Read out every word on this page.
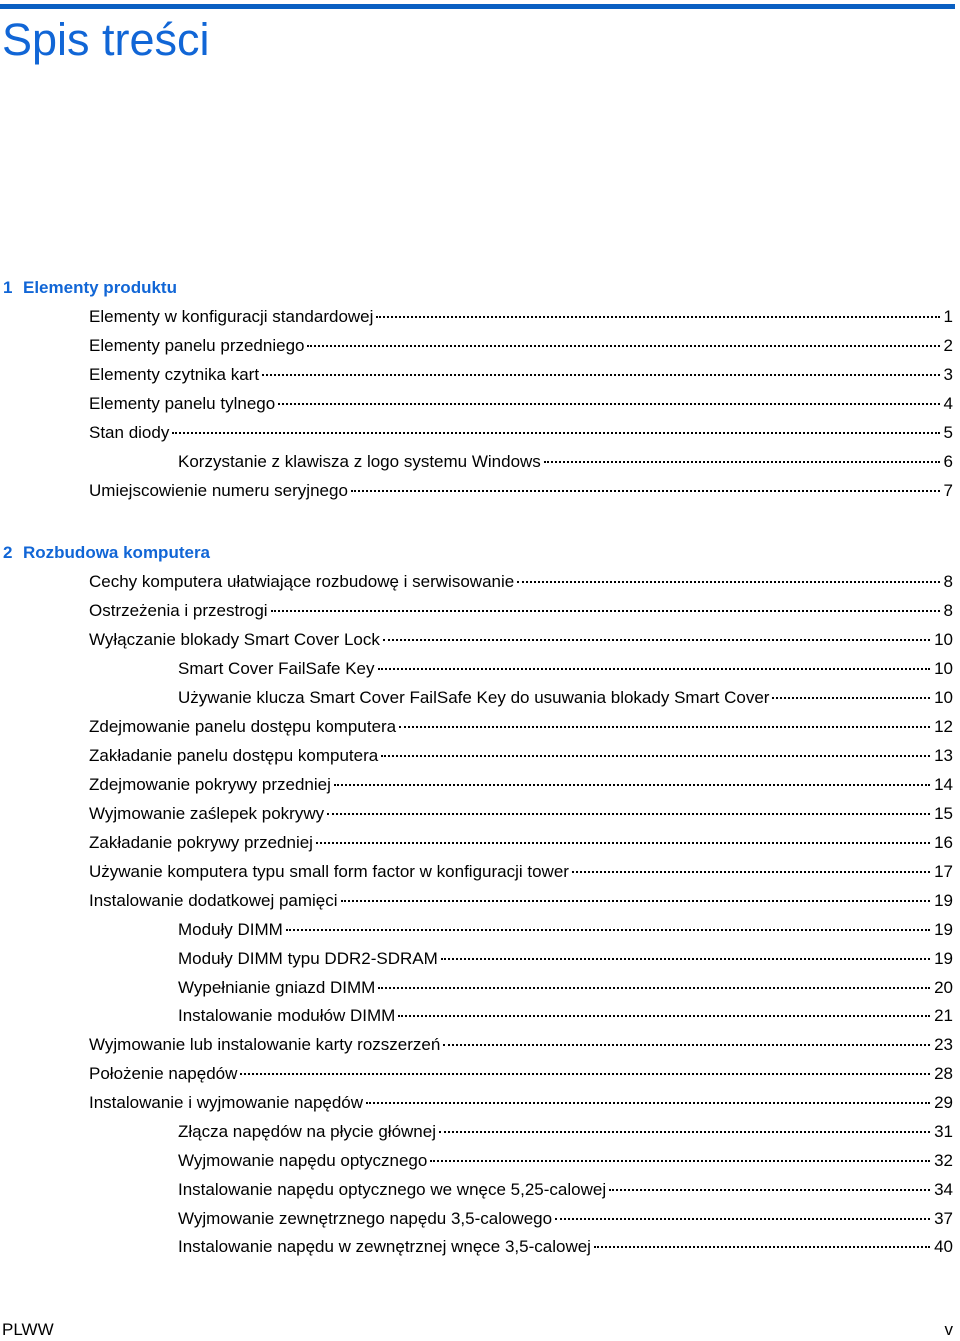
Spis treści
1 Elementy produktu
Elementy w konfiguracji standardowej	1
Elementy panelu przedniego	2
Elementy czytnika kart	3
Elementy panelu tylnego	4
Stan diody	5
Korzystanie z klawisza z logo systemu Windows	6
Umiejscowienie numeru seryjnego	7
2 Rozbudowa komputera
Cechy komputera ułatwiające rozbudowę i serwisowanie	8
Ostrzeżenia i przestrogi	8
Wyłączanie blokady Smart Cover Lock	10
Smart Cover FailSafe Key	10
Używanie klucza Smart Cover FailSafe Key do usuwania blokady Smart Cover	10
Zdejmowanie panelu dostępu komputera	12
Zakładanie panelu dostępu komputera	13
Zdejmowanie pokrywy przedniej	14
Wyjmowanie zaślepek pokrywy	15
Zakładanie pokrywy przedniej	16
Używanie komputera typu small form factor w konfiguracji tower	17
Instalowanie dodatkowej pamięci	19
Moduły DIMM	19
Moduły DIMM typu DDR2-SDRAM	19
Wypełnianie gniazd DIMM	20
Instalowanie modułów DIMM	21
Wyjmowanie lub instalowanie karty rozszerzeń	23
Położenie napędów	28
Instalowanie i wyjmowanie napędów	29
Złącza napędów na płycie głównej	31
Wyjmowanie napędu optycznego	32
Instalowanie napędu optycznego we wnęce 5,25-calowej	34
Wyjmowanie zewnętrznego napędu 3,5-calowego	37
Instalowanie napędu w zewnętrznej wnęce 3,5-calowej	40
PLWW	v
